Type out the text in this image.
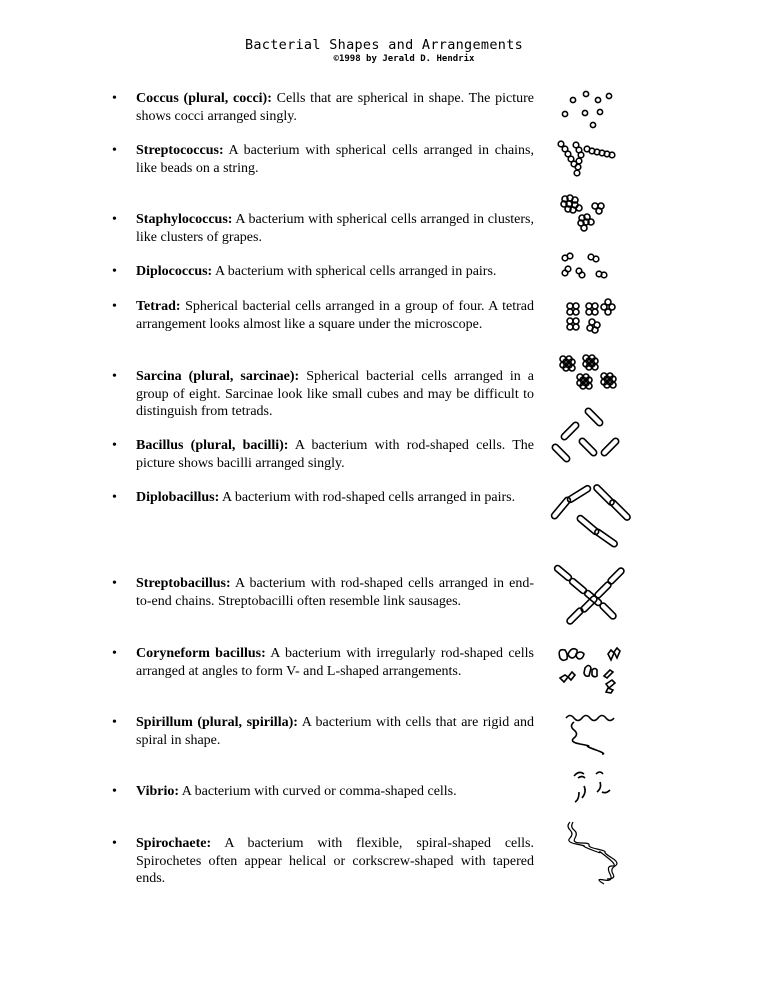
Bacterial Shapes and Arrangements
©1998 by Jerald D. Hendrix
• Coccus (plural, cocci): Cells that are spherical in shape. The picture shows cocci arranged singly.
• Streptococcus: A bacterium with spherical cells arranged in chains, like beads on a string.
• Staphylococcus: A bacterium with spherical cells arranged in clusters, like clusters of grapes.
• Diplococcus: A bacterium with spherical cells arranged in pairs.
• Tetrad: Spherical bacterial cells arranged in a group of four. A tetrad arrangement looks almost like a square under the microscope.
• Sarcina (plural, sarcinae): Spherical bacterial cells arranged in a group of eight. Sarcinae look like small cubes and may be difficult to distinguish from tetrads.
• Bacillus (plural, bacilli): A bacterium with rod-shaped cells. The picture shows bacilli arranged singly.
• Diplobacillus: A bacterium with rod-shaped cells arranged in pairs.
• Streptobacillus: A bacterium with rod-shaped cells arranged in end-to-end chains. Streptobacilli often resemble link sausages.
• Coryneform bacillus: A bacterium with irregularly rod-shaped cells arranged at angles to form V- and L-shaped arrangements.
• Spirillum (plural, spirilla): A bacterium with cells that are rigid and spiral in shape.
• Vibrio: A bacterium with curved or comma-shaped cells.
• Spirochaete: A bacterium with flexible, spiral-shaped cells. Spirochetes often appear helical or corkscrew-shaped with tapered ends.
